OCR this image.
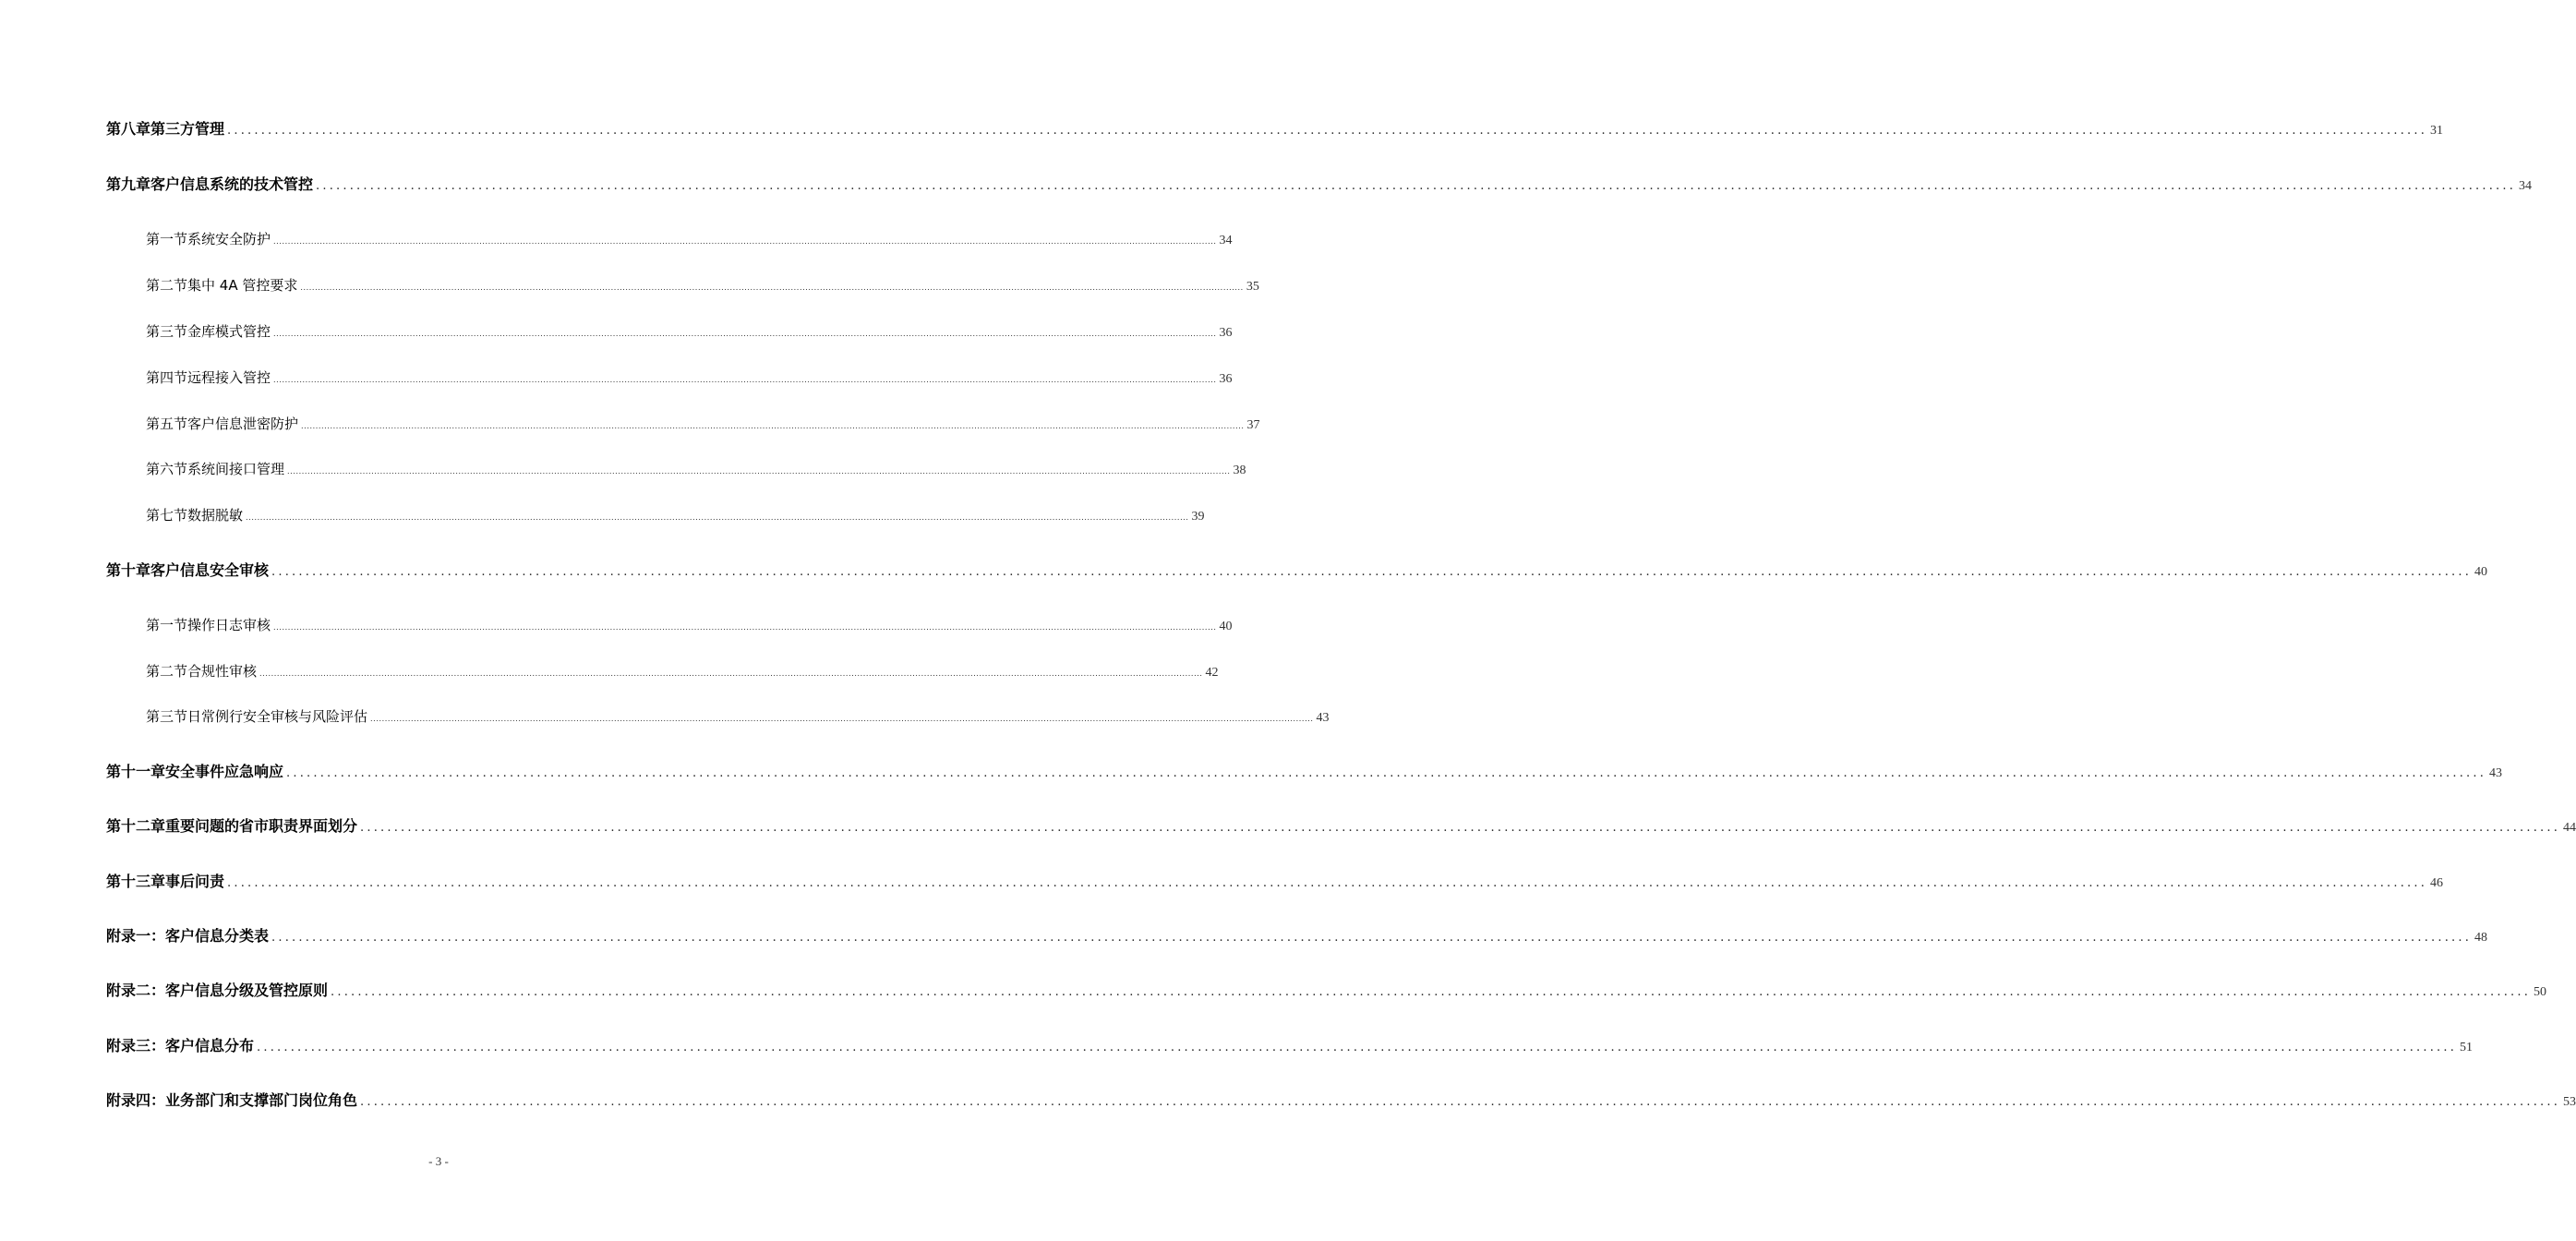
第八章 第三方管理 ..................................................................................................................................................................................................................................................................................................................................... 31
第九章 客户信息系统的技术管控 ..................................................................................................................................................................................................................................................................................................................................... 34
第一节 系统安全防护 ..................................................................................................................................................................................................................................................................................................................................... 34
第二节 集中 4A 管控要求 ..................................................................................................................................................................................................................................................................................................................................... 35
第三节 金库模式管控 ..................................................................................................................................................................................................................................................................................................................................... 36
第四节 远程接入管控 ..................................................................................................................................................................................................................................................................................................................................... 36
第五节 客户信息泄密防护 ..................................................................................................................................................................................................................................................................................................................................... 37
第六节 系统间接口管理 ..................................................................................................................................................................................................................................................................................................................................... 38
第七节 数据脱敏 ..................................................................................................................................................................................................................................................................................................................................... 39
第十章 客户信息安全审核 ..................................................................................................................................................................................................................................................................................................................................... 40
第一节 操作日志审核 ..................................................................................................................................................................................................................................................................................................................................... 40
第二节 合规性审核 ..................................................................................................................................................................................................................................................................................................................................... 42
第三节 日常例行安全审核与风险评估 ..................................................................................................................................................................................................................................................................................................................................... 43
第十一章 安全事件应急响应 ..................................................................................................................................................................................................................................................................................................................................... 43
第十二章 重要问题的省市职责界面划分 ..................................................................................................................................................................................................................................................................................................................................... 44
第十三章 事后问责 ..................................................................................................................................................................................................................................................................................................................................... 46
附录一： 客户信息分类表 ..................................................................................................................................................................................................................................................................................................................................... 48
附录二： 客户信息分级及管控原则 ..................................................................................................................................................................................................................................................................................................................................... 50
附录三： 客户信息分布 ..................................................................................................................................................................................................................................................................................................................................... 51
附录四： 业务部门和支撑部门岗位角色 ..................................................................................................................................................................................................................................................................................................................................... 53
- 3 -
